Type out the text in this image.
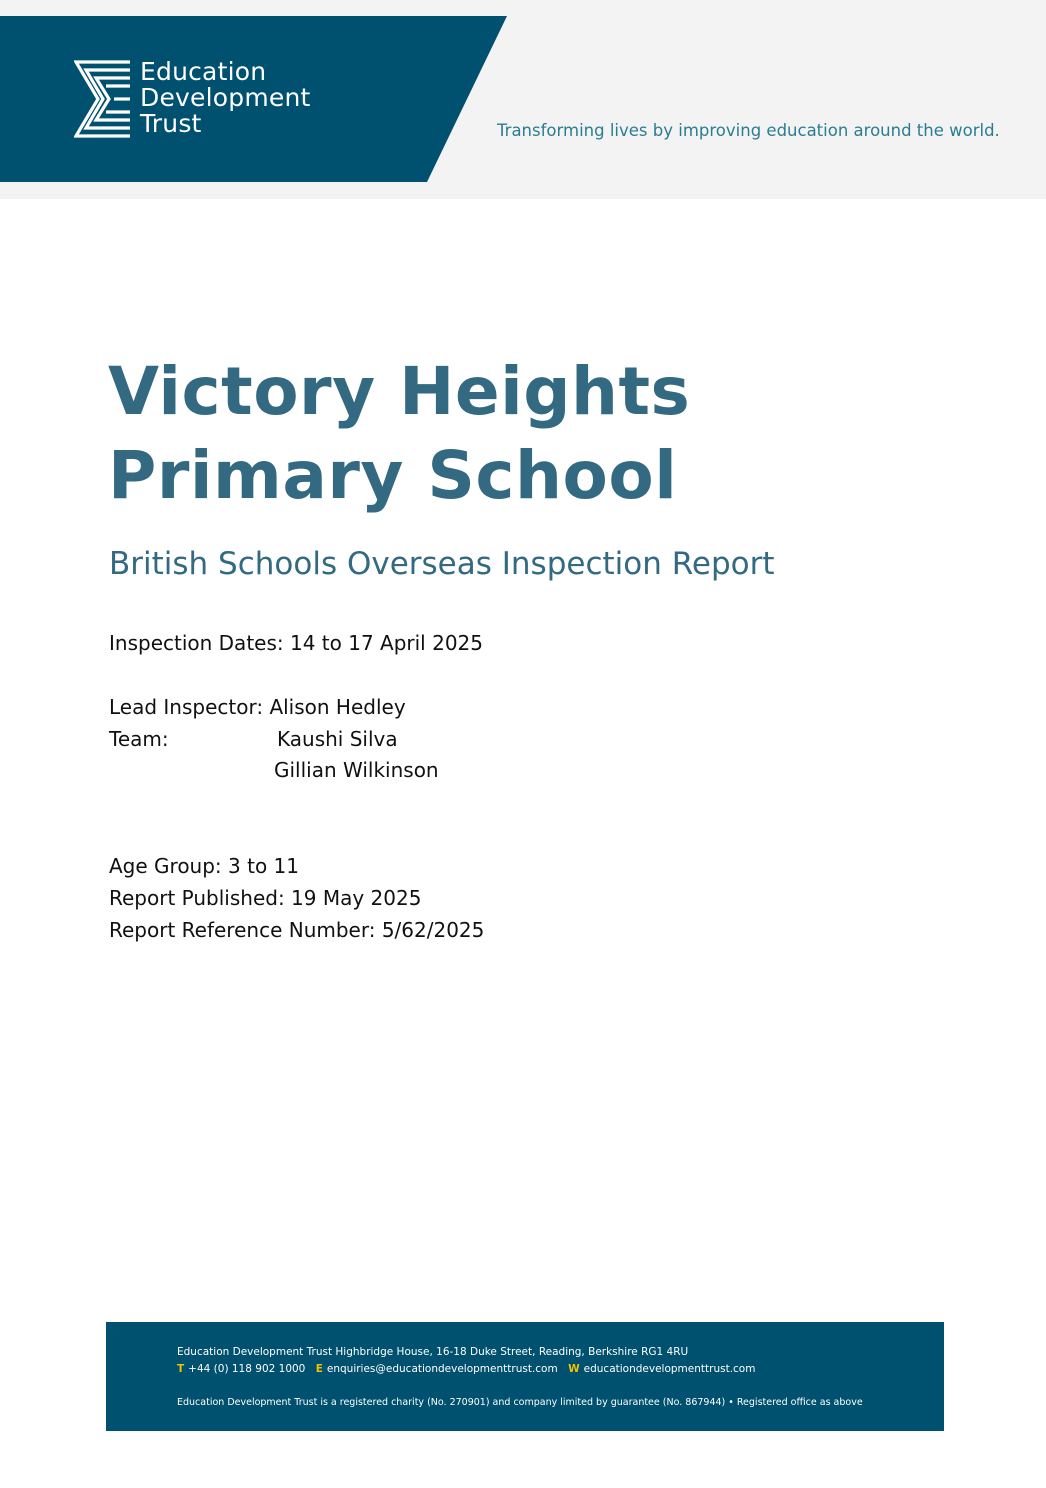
Education
Development
Trust	Transforming lives by improving education around the world.
Victory Heights
Primary School
British Schools Overseas Inspection Report
Inspection Dates: 14 to 17 April 2025
Lead Inspector: Alison Hedley
Team:	Kaushi Silva
Gillian Wilkinson
Age Group: 3 to 11
Report Published: 19 May 2025
Report Reference Number: 5/62/2025
Education Development Trust Highbridge House, 16-18 Duke Street, Reading, Berkshire RG1 4RU
T +44 (0) 118 902 1000 E enquiries@educationdevelopmenttrust.com W educationdevelopmenttrust.com
Education Development Trust is a registered charity (No. 270901) and company limited by guarantee (No. 867944) • Registered office as above
